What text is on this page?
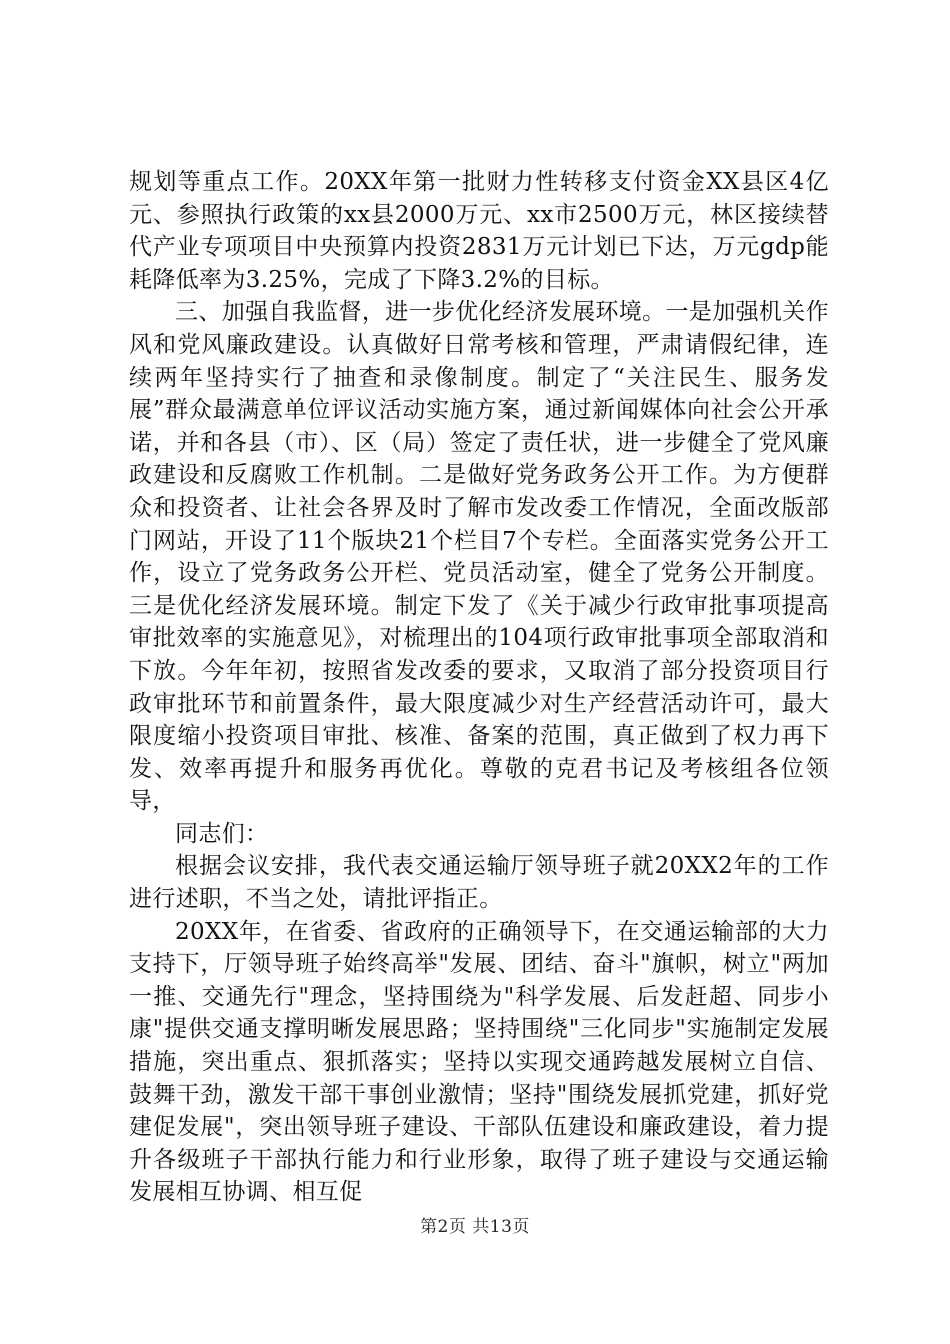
规划等重点工作。20XX年第一批财力性转移支付资金XX县区4亿元、参照执行政策的xx县2000万元、xx市2500万元，林区接续替代产业专项项目中央预算内投资2831万元计划已下达，万元gdp能耗降低率为3.25%，完成了下降3.2%的目标。

三、加强自我监督，进一步优化经济发展环境。一是加强机关作风和党风廉政建设。认真做好日常考核和管理，严肃请假纪律，连续两年坚持实行了抽查和录像制度。制定了“关注民生、服务发展”群众最满意单位评议活动实施方案，通过新闻媒体向社会公开承诺，并和各县（市）、区（局）签定了责任状，进一步健全了党风廉政建设和反腐败工作机制。二是做好党务政务公开工作。为方便群众和投资者、让社会各界及时了解市发改委工作情况，全面改版部门网站，开设了11个版块21个栏目7个专栏。全面落实党务公开工作，设立了党务政务公开栏、党员活动室，健全了党务公开制度。三是优化经济发展环境。制定下发了《关于减少行政审批事项提高审批效率的实施意见》，对梳理出的104项行政审批事项全部取消和下放。今年年初，按照省发改委的要求，又取消了部分投资项目行政审批环节和前置条件，最大限度减少对生产经营活动许可，最大限度缩小投资项目审批、核准、备案的范围，真正做到了权力再下发、效率再提升和服务再优化。尊敬的克君书记及考核组各位领导，

同志们：

根据会议安排，我代表交通运输厅领导班子就20XX2年的工作进行述职，不当之处，请批评指正。

20XX年，在省委、省政府的正确领导下，在交通运输部的大力支持下，厅领导班子始终高举"发展、团结、奋斗"旗帜，树立"两加一推、交通先行"理念，坚持围绕为"科学发展、后发赶超、同步小康"提供交通支撑明晰发展思路；坚持围绕"三化同步"实施制定发展措施，突出重点、狠抓落实；坚持以实现交通跨越发展树立自信、鼓舞干劲，激发干部干事创业激情；坚持"围绕发展抓党建，抓好党建促发展"，突出领导班子建设、干部队伍建设和廉政建设，着力提升各级班子干部执行能力和行业形象，取得了班子建设与交通运输发展相互协调、相互促

第2页 共13页
